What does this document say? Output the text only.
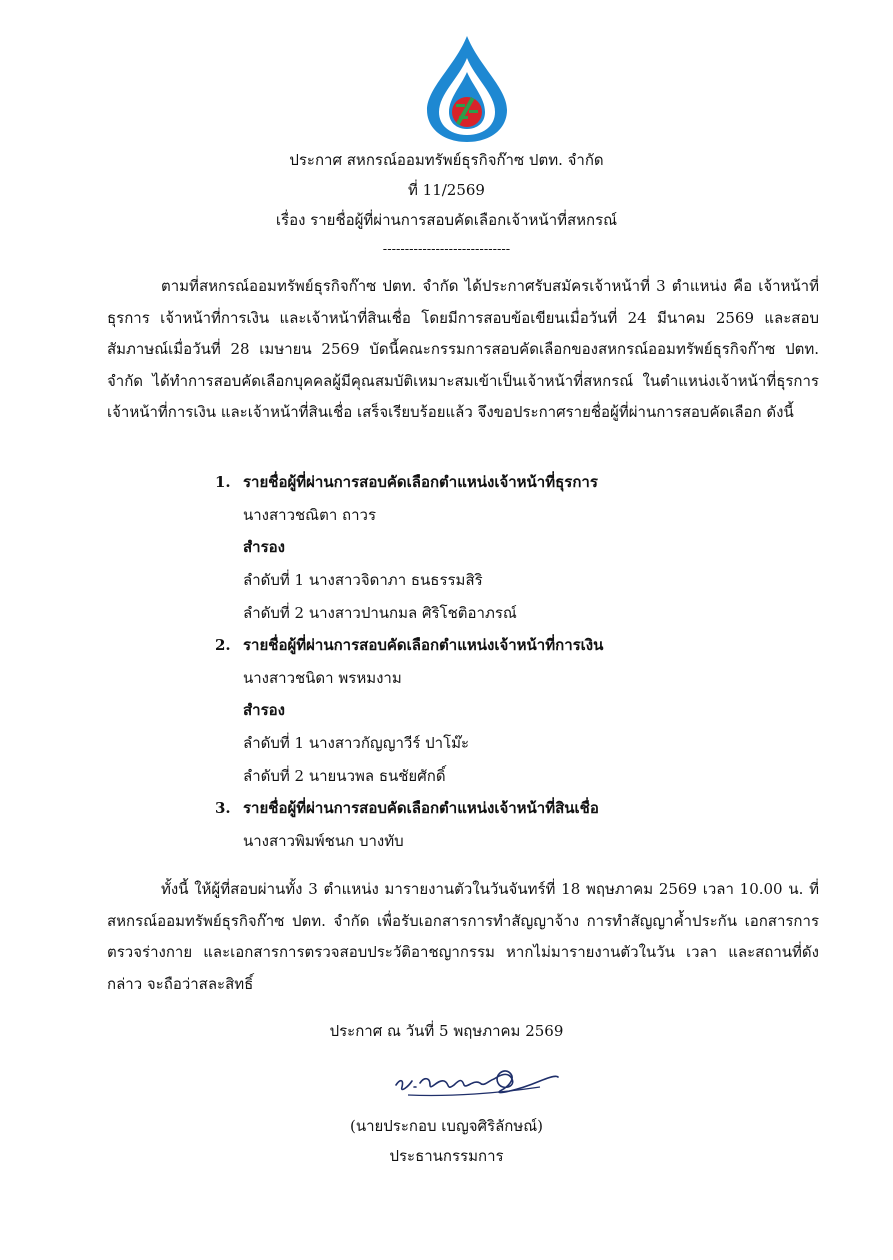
ประกาศ สหกรณ์ออมทรัพย์ธุรกิจก๊าซ ปตท. จำกัด
ที่ 11/2569
เรื่อง รายชื่อผู้ที่ผ่านการสอบคัดเลือกเจ้าหน้าที่สหกรณ์
-----------------------------

ตามที่สหกรณ์ออมทรัพย์ธุรกิจก๊าซ ปตท. จำกัด ได้ประกาศรับสมัครเจ้าหน้าที่ 3 ตำแหน่ง คือ เจ้าหน้าที่ธุรการ เจ้าหน้าที่การเงิน และเจ้าหน้าที่สินเชื่อ โดยมีการสอบข้อเขียนเมื่อวันที่ 24 มีนาคม 2569 และสอบสัมภาษณ์เมื่อวันที่ 28 เมษายน 2569 บัดนี้คณะกรรมการสอบคัดเลือกของสหกรณ์ออมทรัพย์ธุรกิจก๊าซ ปตท. จำกัด ได้ทำการสอบคัดเลือกบุคคลผู้มีคุณสมบัติเหมาะสมเข้าเป็นเจ้าหน้าที่สหกรณ์ ในตำแหน่งเจ้าหน้าที่ธุรการ เจ้าหน้าที่การเงิน และเจ้าหน้าที่สินเชื่อ เสร็จเรียบร้อยแล้ว จึงขอประกาศรายชื่อผู้ที่ผ่านการสอบคัดเลือก ดังนี้

1. รายชื่อผู้ที่ผ่านการสอบคัดเลือกตำแหน่งเจ้าหน้าที่ธุรการ
นางสาวชณิตา ถาวร
สำรอง
ลำดับที่ 1 นางสาวจิดาภา ธนธรรมสิริ
ลำดับที่ 2 นางสาวปานกมล ศิริโชติอาภรณ์
2. รายชื่อผู้ที่ผ่านการสอบคัดเลือกตำแหน่งเจ้าหน้าที่การเงิน
นางสาวชนิดา พรหมงาม
สำรอง
ลำดับที่ 1 นางสาวกัญญาวีร์ ปาโม๊ะ
ลำดับที่ 2 นายนวพล ธนชัยศักดิ์
3. รายชื่อผู้ที่ผ่านการสอบคัดเลือกตำแหน่งเจ้าหน้าที่สินเชื่อ
นางสาวพิมพ์ชนก บางทับ

ทั้งนี้ ให้ผู้ที่สอบผ่านทั้ง 3 ตำแหน่ง มารายงานตัวในวันจันทร์ที่ 18 พฤษภาคม 2569 เวลา 10.00 น. ที่สหกรณ์ออมทรัพย์ธุรกิจก๊าซ ปตท. จำกัด เพื่อรับเอกสารการทำสัญญาจ้าง การทำสัญญาค้ำประกัน เอกสารการตรวจร่างกาย และเอกสารการตรวจสอบประวัติอาชญากรรม หากไม่มารายงานตัวในวัน เวลา และสถานที่ดังกล่าว จะถือว่าสละสิทธิ์

ประกาศ ณ วันที่ 5 พฤษภาคม 2569
(นายประกอบ เบญจศิริลักษณ์)
ประธานกรรมการ
